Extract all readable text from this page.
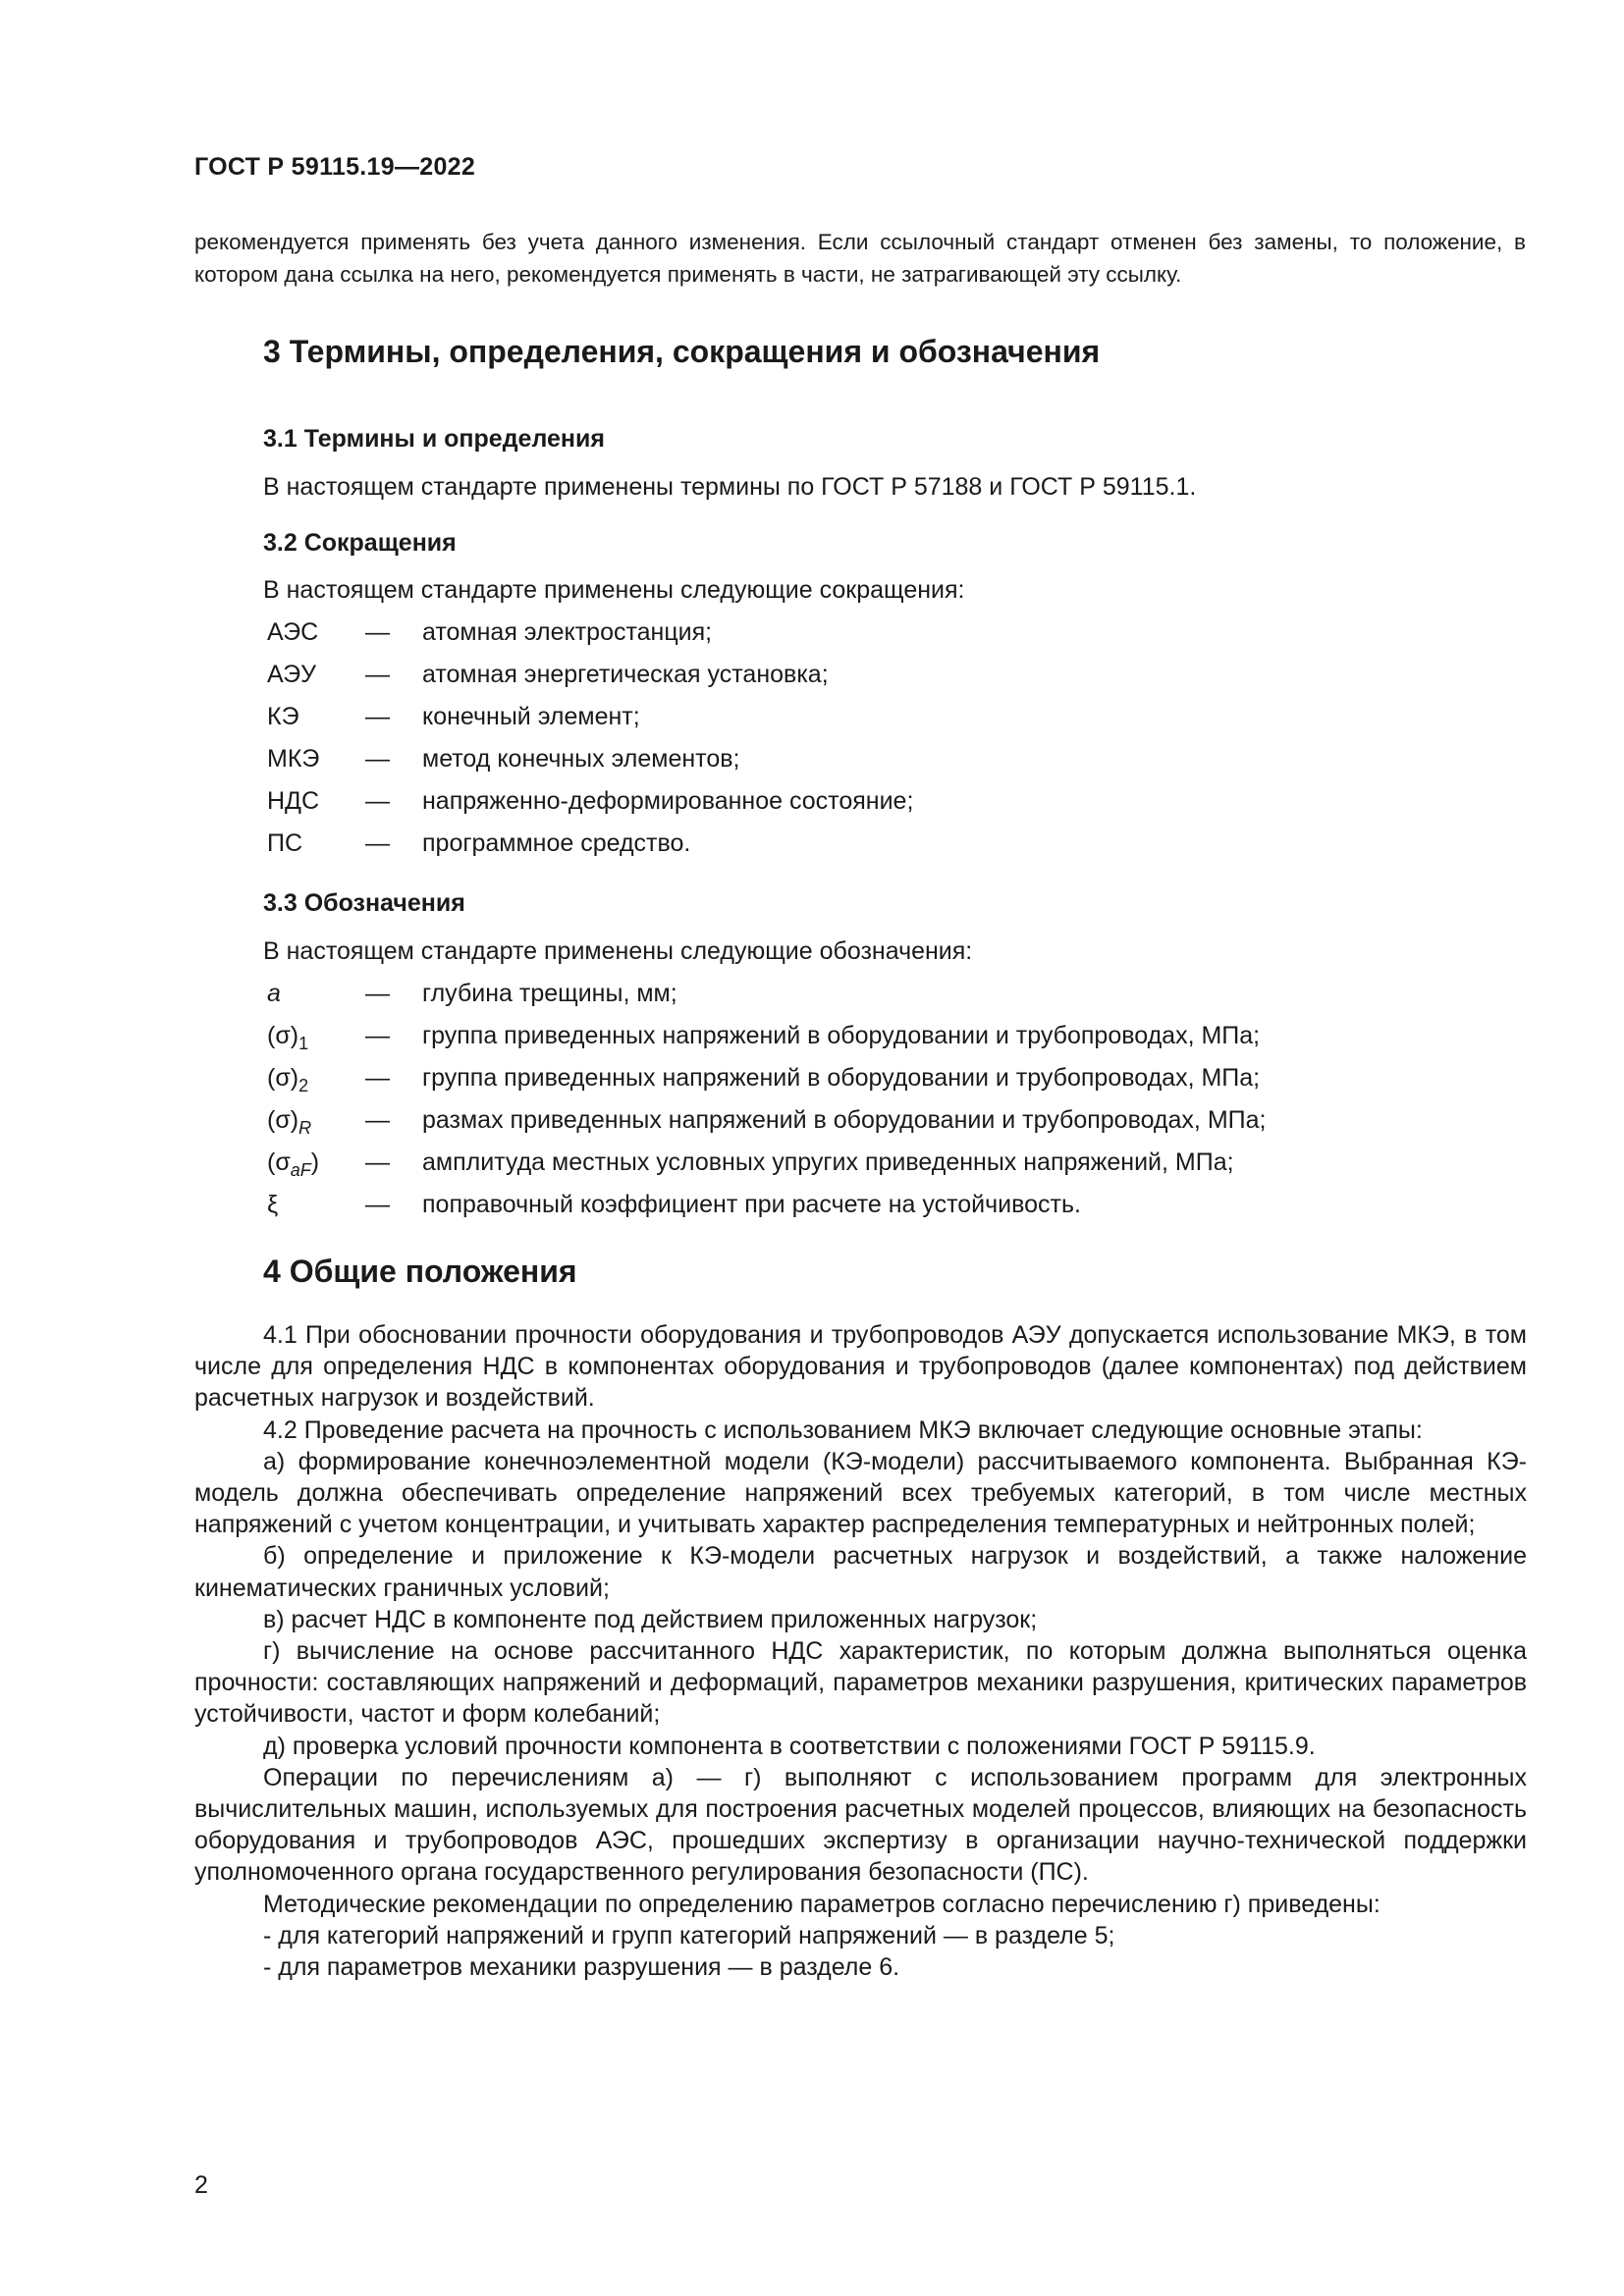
ГОСТ Р 59115.19—2022

рекомендуется применять без учета данного изменения. Если ссылочный стандарт отменен без замены, то положение, в котором дана ссылка на него, рекомендуется применять в части, не затрагивающей эту ссылку.

3 Термины, определения, сокращения и обозначения
3.1 Термины и определения
В настоящем стандарте применены термины по ГОСТ Р 57188 и ГОСТ Р 59115.1.
3.2 Сокращения
В настоящем стандарте применены следующие сокращения:
АЭС — атомная электростанция;
АЭУ — атомная энергетическая установка;
КЭ	— конечный элемент;
МКЭ — метод конечных элементов;
НДС — напряженно-деформированное состояние;
ПС	— программное средство.
3.3 Обозначения
В настоящем стандарте применены следующие обозначения:
a	— глубина трещины, мм;
$(\sigma)_1$ — группа приведенных напряжений в оборудовании и трубопроводах, МПа;
$(\sigma)_2$ — группа приведенных напряжений в оборудовании и трубопроводах, МПа;
$(\sigma)_R$ — размах приведенных напряжений в оборудовании и трубопроводах, МПа;
$(\sigma_{aF})$ — амплитуда местных условных упругих приведенных напряжений, МПа;
ξ	— поправочный коэффициент при расчете на устойчивость.
4 Общие положения

4.1 При обосновании прочности оборудования и трубопроводов АЭУ допускается использование МКЭ, в том числе для определения НДС в компонентах оборудования и трубопроводов (далее компонентах) под действием расчетных нагрузок и воздействий.

4.2 Проведение расчета на прочность с использованием МКЭ включает следующие основные этапы:

а) формирование конечноэлементной модели (КЭ-модели) рассчитываемого компонента. Выбранная КЭ-модель должна обеспечивать определение напряжений всех требуемых категорий, в том числе местных напряжений с учетом концентрации, и учитывать характер распределения температурных и нейтронных полей;

б) определение и приложение к КЭ-модели расчетных нагрузок и воздействий, а также наложение кинематических граничных условий;

в) расчет НДС в компоненте под действием приложенных нагрузок;

г) вычисление на основе рассчитанного НДС характеристик, по которым должна выполняться оценка прочности: составляющих напряжений и деформаций, параметров механики разрушения, критических параметров устойчивости, частот и форм колебаний;

д) проверка условий прочности компонента в соответствии с положениями ГОСТ Р 59115.9.

Операции по перечислениям а) — г) выполняют с использованием программ для электронных вычислительных машин, используемых для построения расчетных моделей процессов, влияющих на безопасность оборудования и трубопроводов АЭС, прошедших экспертизу в организации научно-технической поддержки уполномоченного органа государственного регулирования безопасности (ПС).

Методические рекомендации по определению параметров согласно перечислению г) приведены:

- для категорий напряжений и групп категорий напряжений — в разделе 5;

- для параметров механики разрушения — в разделе 6.

2
